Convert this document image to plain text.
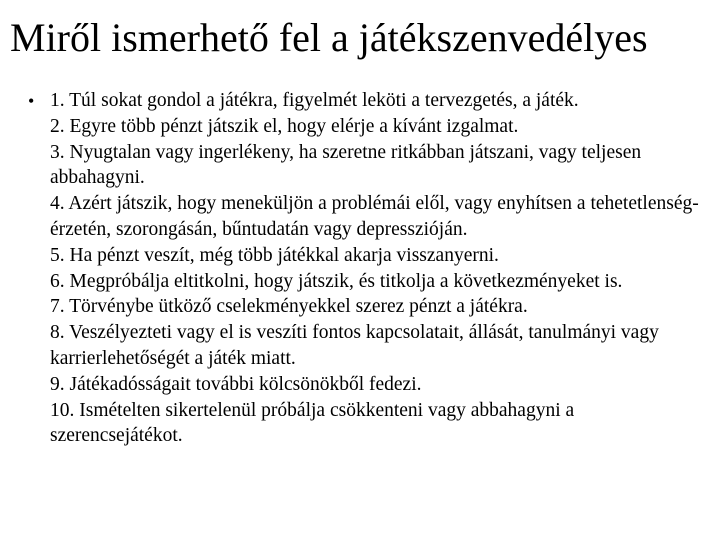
Miről ismerhető fel a játékszenvedélyes
• 1. Túl sokat gondol a játékra, figyelmét leköti a tervezgetés, a játék.
2. Egyre több pénzt játszik el, hogy elérje a kívánt izgalmat.
3. Nyugtalan vagy ingerlékeny, ha szeretne ritkábban játszani, vagy teljesen abbahagyni.
4. Azért játszik, hogy meneküljön a problémái elől, vagy enyhítsen a tehetetlenség-érzetén, szorongásán, bűntudatán vagy depresszióján.
5. Ha pénzt veszít, még több játékkal akarja visszanyerni.
6. Megpróbálja eltitkolni, hogy játszik, és titkolja a következményeket is.
7. Törvénybe ütköző cselekményekkel szerez pénzt a játékra.
8. Veszélyezteti vagy el is veszíti fontos kapcsolatait, állását, tanulmányi vagy karrierlehetőségét a játék miatt.
9. Játékadósságait további kölcsönökből fedezi.
10. Ismételten sikertelenül próbálja csökkenteni vagy abbahagyni a szerencsejátékot.
